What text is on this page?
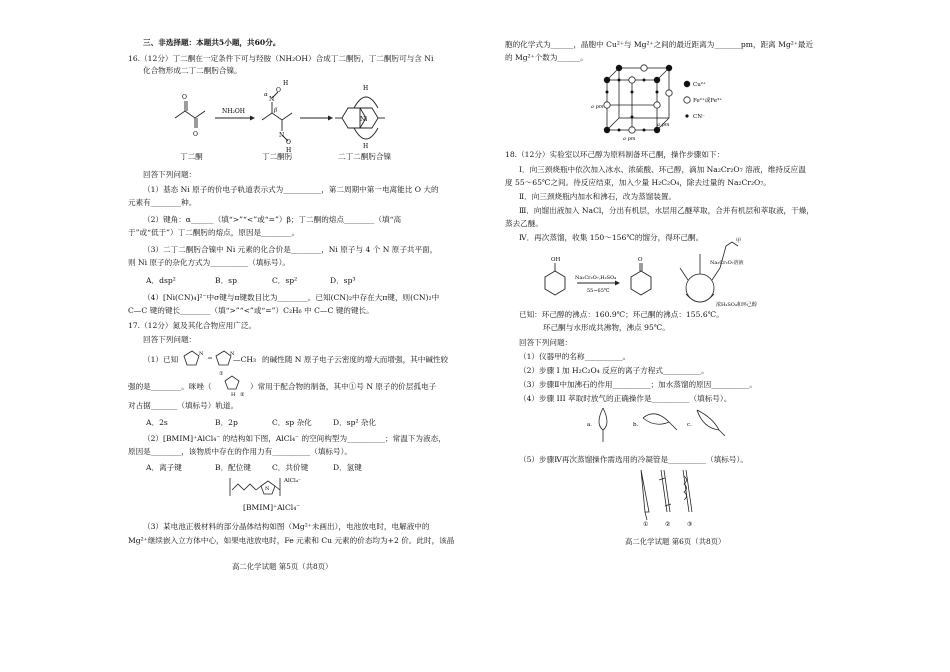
三、非选择题：本题共5小题，共60分。
16.（12分）丁二酮在一定条件下可与羟胺（NH₂OH）合成丁二酮肟，丁二酮肟可与含 Ni
化合物形成二丁二酮肟合镍。
O
O
NH₂OH
N
N
O
O
H
H
α
β
Ni
H
H
丁二酮	丁二酮肟	二丁二酮肟合镍
回答下列问题：
（1）基态 Ni 原子的价电子轨道表示式为__________，第二周期中第一电离能比 O 大的
元素有________种。
（2）键角：α______（填“>”“<”或“=”）β；丁二酮的熔点________（填“高
于”或“低于”）丁二酮肟的熔点，原因是________。
（3）二丁二酮肟合镍中 Ni 元素的化合价是________，Ni 原子与 4 个 N 原子共平面，
则 Ni 原子的杂化方式为__________（填标号）。
A．dsp²	B．sp	C．sp²	D．sp³
（4）[Ni(CN)₄]²⁻中σ键与π键数目比为________。已知(CN)₂中存在大π键，则(CN)₂中
C—C 键的键长________（填“>”“<”或“=”）C₂H₆ 中 C—C 键的键长。
17.（12分）氮及其化合物应用广泛。
回答下列问题：
（1）已知
N	N
—CH₃ 的碱性随 N 原子电子云密度的增大而增强，其中碱性较
强的是________。咪唑（
①
②
H
）常用于配合物的制备，其中①号 N 原子的价层孤电子
对占据_______（填标号）轨道。
A．2s	B．2p	C．sp 杂化	D．sp² 杂化
（2）[BMIM]⁺AlCl₄⁻ 的结构如下图，AlCl₄⁻ 的空间构型为__________；常温下为液态，
原因是________，该物质中存在的作用力有__________（填标号）。
A．离子键	B．配位键	C．共价键	D．氢键
N
AlCl₄⁻
[BMIM]⁺AlCl₄⁻
（3）某电池正极材料的部分晶体结构如图（Mg²⁺未画出），电池放电时，电解液中的
Mg²⁺继续嵌入立方体中心，如果电池放电时，Fe 元素和 Cu 元素的价态均为+2 价。此时，该晶
高二化学试题 第5页（共8页）
胞的化学式为______，晶胞中 Cu²⁺与 Mg²⁺之间的最近距离为_______pm，距离 Mg²⁺最近
的 Mg²⁺个数为______。
Cu²⁺
Fe²⁺或Fe³⁺
CN⁻
a pm
a pm
a pm
18.（12分）实验室以环己醇为原料制备环己酮，操作步骤如下：
Ⅰ．向三颈烧瓶中依次加入冰水、浓硫酸、环己醇，滴加 Na₂Cr₂O₇ 溶液，维持反应温
度 55～65℃之间。待反应结束，加入少量 H₂C₂O₄，除去过量的 Na₂Cr₂O₇。
Ⅱ．向三颈烧瓶内加水和沸石，改为蒸馏装置。
Ⅲ．向馏出液加入 NaCl，分出有机层，水层用乙醚萃取，合并有机层和萃取液，干燥，
蒸去乙醚。
Ⅳ．再次蒸馏，收集 150～156℃的馏分，得环己酮。
OH	O
Na₂Cr₂O₇,H₂SO₄
55~65℃
甲
Na₂Cr₂O₇溶液
浓H₂SO₄和环己醇
已知：环己醇的沸点：160.9℃；环己酮的沸点：155.6℃。
环己酮与水形成共沸物，沸点 95℃。
回答下列问题：
（1）仪器甲的名称__________。
（2）步骤 I 加 H₂C₂O₄ 反应的离子方程式__________。
（3）步骤Ⅱ中加沸石的作用__________；加水蒸馏的原因__________。
（4）步骤 III 萃取时放气的正确操作是__________（填标号）。
a.	b.	c.
（5）步骤Ⅳ再次蒸馏操作需选用的冷凝管是__________（填标号）。
①	②	③
高二化学试题 第6页（共8页）
